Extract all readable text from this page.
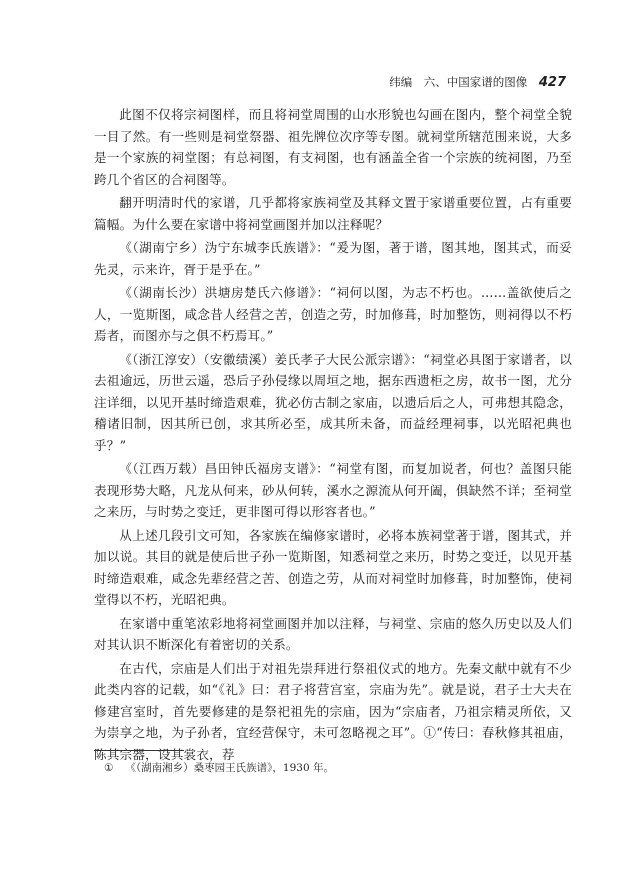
纬编　六、中国家谱的图像 427

此图不仅将宗祠图样，而且将祠堂周围的山水形貌也勾画在图内，整个祠堂全貌一目了然。有一些则是祠堂祭器、祖先牌位次序等专图。就祠堂所辖范围来说，大多是一个家族的祠堂图；有总祠图，有支祠图，也有涵盖全省一个宗族的统祠图，乃至跨几个省区的合祠图等。

翻开明清时代的家谱，几乎都将家族祠堂及其释文置于家谱重要位置，占有重要篇幅。为什么要在家谱中将祠堂画图并加以注释呢？

《（湖南宁乡）沩宁东城李氏族谱》：“爰为图，著于谱，图其地，图其式，而妥先灵，示来许，胥于是乎在。”

《（湖南长沙）洪塘房楚氏六修谱》：“祠何以图，为志不朽也。……盖欲使后之人，一览斯图，咸念昔人经营之苦，创造之劳，时加修葺，时加整饬，则祠得以不朽焉者，而图亦与之俱不朽焉耳。”

《（浙江淳安）（安徽绩溪）姜氏孝子大民公派宗谱》：“祠堂必具图于家谱者，以去祖逾远，历世云遥，恐后子孙侵缘以周垣之地，据东西遗柜之房，故书一图，尤分注详细，以见开基时缔造艰难，犹必仿古制之家庙，以遗后后之人，可弗想其隐念，稽诸旧制，因其所已创，求其所必至，成其所未备，而益经理祠事，以光昭祀典也乎？”

《（江西万载）昌田钟氏福房支谱》：“祠堂有图，而复加说者，何也？盖图只能表现形势大略，凡龙从何来，砂从何转，溪水之源流从何开阖，俱缺然不详；至祠堂之来历，与时势之变迁，更非图可得以形容者也。”

从上述几段引文可知，各家族在编修家谱时，必将本族祠堂著于谱，图其式，并加以说。其目的就是使后世子孙一览斯图，知悉祠堂之来历，时势之变迁，以见开基时缔造艰难，咸念先辈经营之苦、创造之劳，从而对祠堂时加修葺，时加整饰，使祠堂得以不朽，光昭祀典。

在家谱中重笔浓彩地将祠堂画图并加以注释，与祠堂、宗庙的悠久历史以及人们对其认识不断深化有着密切的关系。

在古代，宗庙是人们出于对祖先崇拜进行祭祖仪式的地方。先秦文献中就有不少此类内容的记载，如“《礼》曰：君子将营宫室，宗庙为先”。就是说，君子士大夫在修建宫室时，首先要修建的是祭祀祖先的宗庙，因为“宗庙者，乃祖宗精灵所依，又为崇享之地，为子孙者，宜经营保守，未可忽略视之耳”。①“传曰：春秋修其祖庙，陈其宗器，设其裳衣，荐

① 《（湖南湘乡）桑枣园王氏族谱》，1930 年。
